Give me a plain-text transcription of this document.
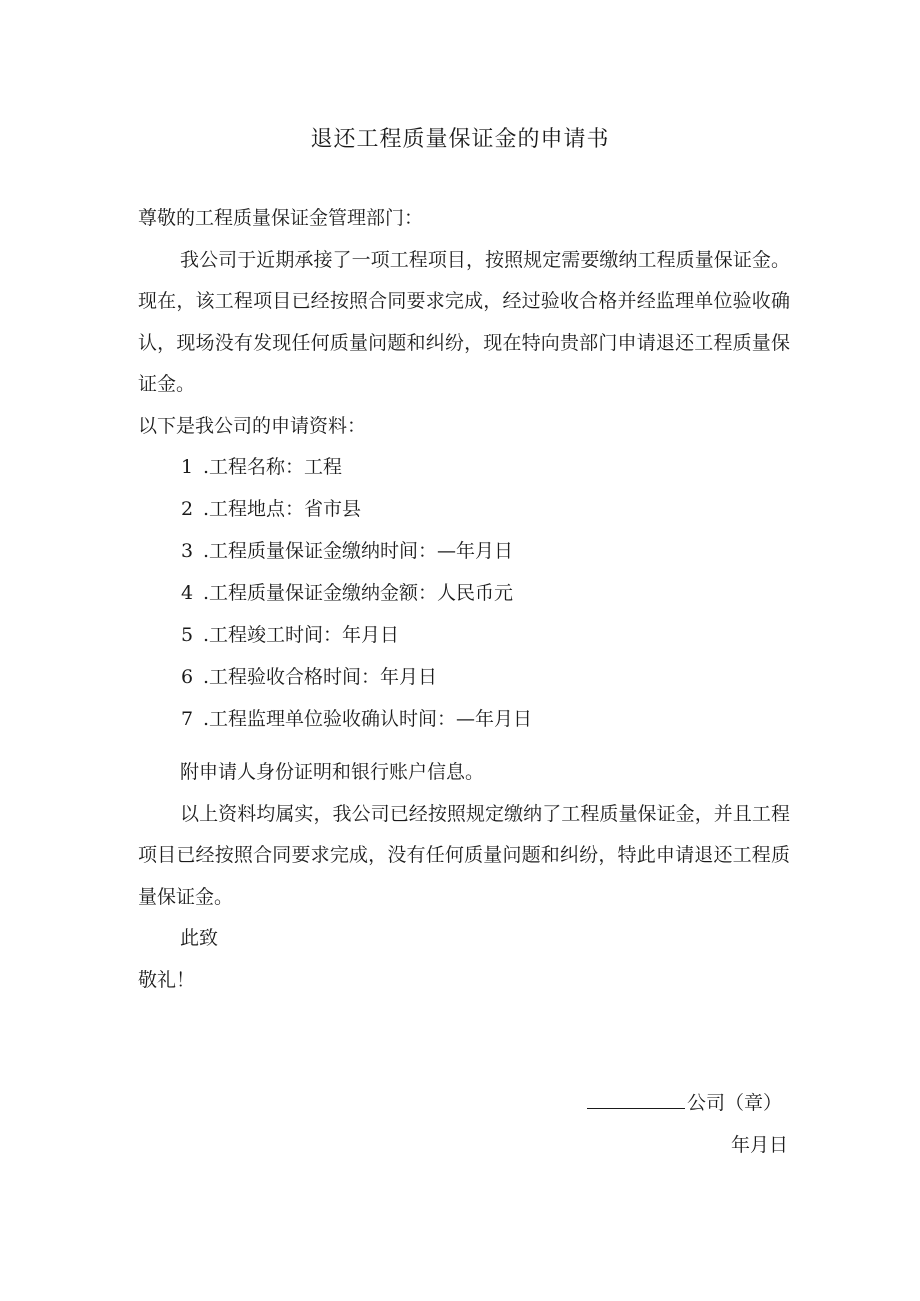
退还工程质量保证金的申请书

尊敬的工程质量保证金管理部门：

我公司于近期承接了一项工程项目，按照规定需要缴纳工程质量保证金。现在，该工程项目已经按照合同要求完成，经过验收合格并经监理单位验收确认，现场没有发现任何质量问题和纠纷，现在特向贵部门申请退还工程质量保证金。

以下是我公司的申请资料：

1 .工程名称：工程
2 .工程地点：省市县
3 .工程质量保证金缴纳时间：—年月日
4 .工程质量保证金缴纳金额：人民币元
5 .工程竣工时间：年月日
6 .工程验收合格时间：年月日
7 .工程监理单位验收确认时间：—年月日

附申请人身份证明和银行账户信息。

以上资料均属实，我公司已经按照规定缴纳了工程质量保证金，并且工程项目已经按照合同要求完成，没有任何质量问题和纠纷，特此申请退还工程质量保证金。

此致

敬礼！

公司（章）
年月日
